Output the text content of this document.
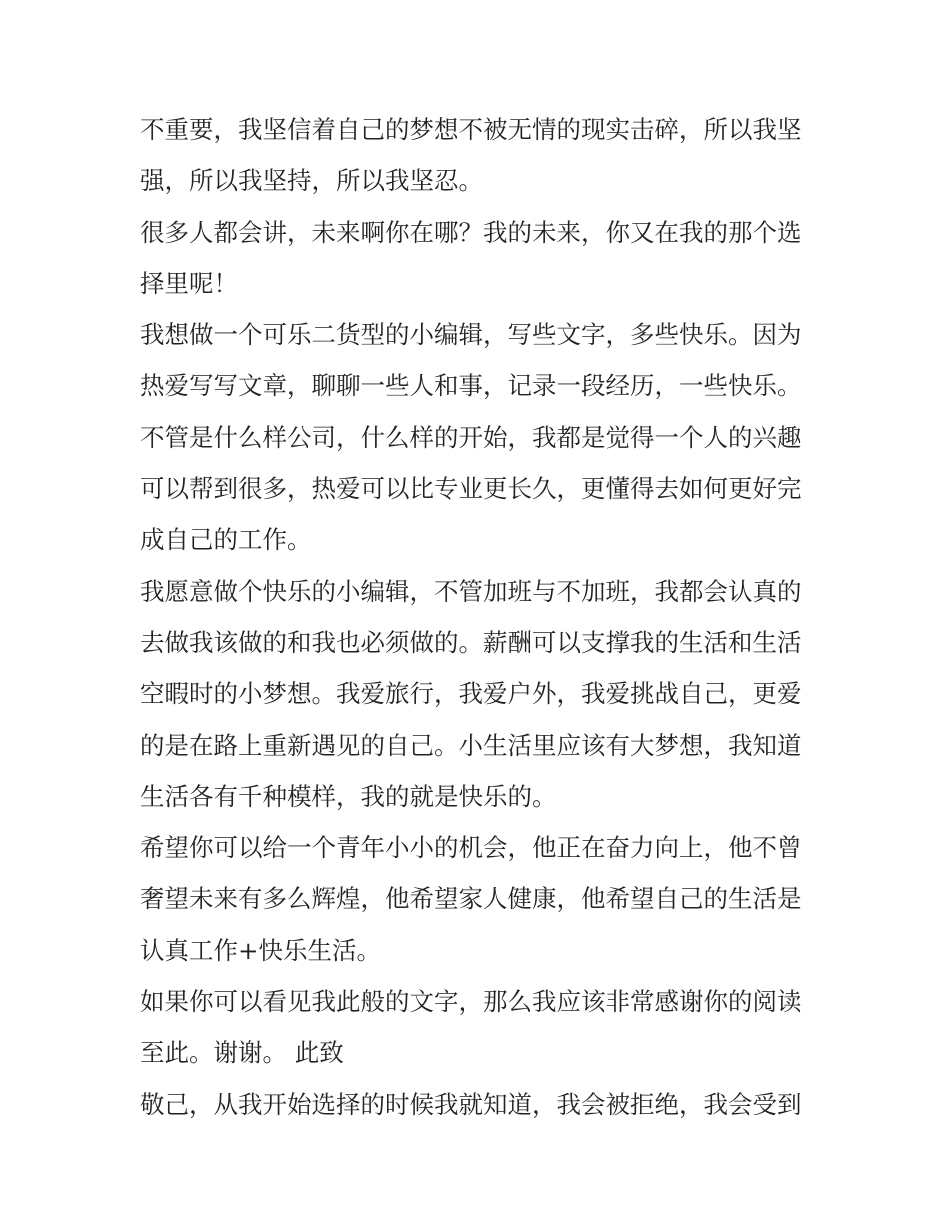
不重要，我坚信着自己的梦想不被无情的现实击碎，所以我坚
强，所以我坚持，所以我坚忍。
很多人都会讲，未来啊你在哪？我的未来，你又在我的那个选
择里呢！
我想做一个可乐二货型的小编辑，写些文字，多些快乐。因为
热爱写写文章，聊聊一些人和事，记录一段经历，一些快乐。
不管是什么样公司，什么样的开始，我都是觉得一个人的兴趣
可以帮到很多，热爱可以比专业更长久，更懂得去如何更好完
成自己的工作。
我愿意做个快乐的小编辑，不管加班与不加班，我都会认真的
去做我该做的和我也必须做的。薪酬可以支撑我的生活和生活
空暇时的小梦想。我爱旅行，我爱户外，我爱挑战自己，更爱
的是在路上重新遇见的自己。小生活里应该有大梦想，我知道
生活各有千种模样，我的就是快乐的。
希望你可以给一个青年小小的机会，他正在奋力向上，他不曾
奢望未来有多么辉煌，他希望家人健康，他希望自己的生活是
认真工作+快乐生活。
如果你可以看见我此般的文字，那么我应该非常感谢你的阅读
至此。谢谢。 此致
敬己，从我开始选择的时候我就知道，我会被拒绝，我会受到
